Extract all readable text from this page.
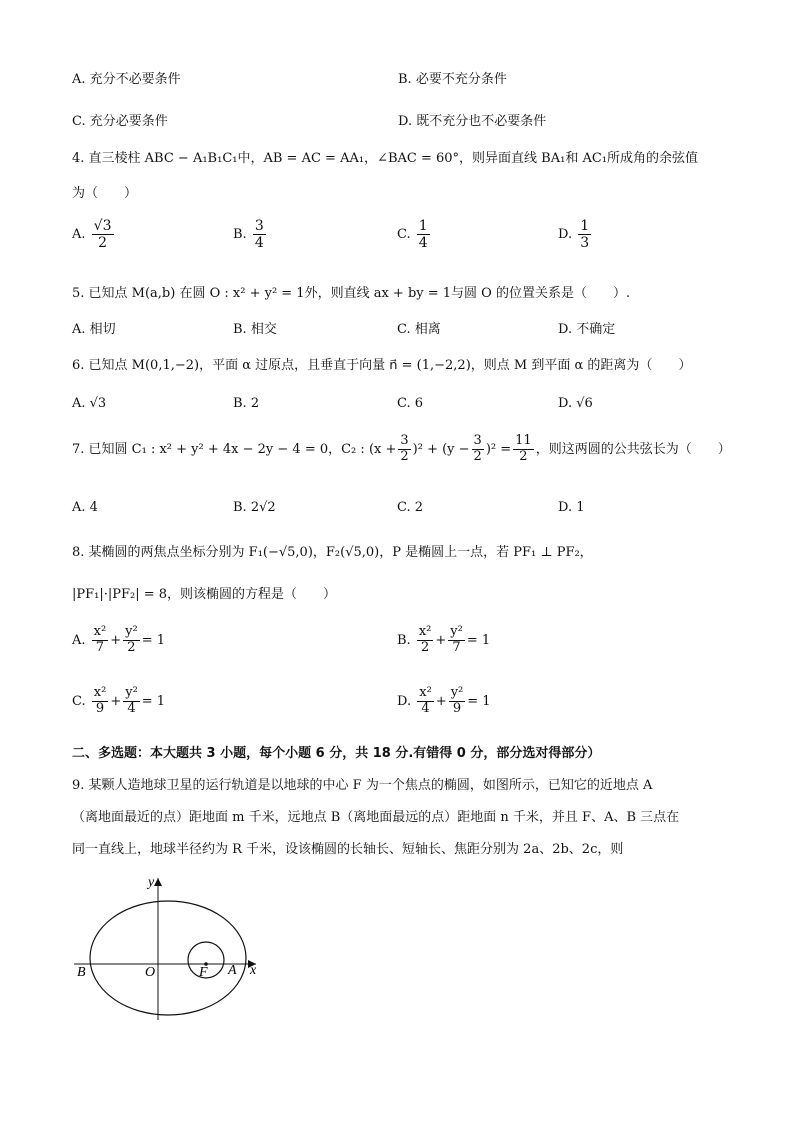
A. 充分不必要条件	B. 必要不充分条件
C. 充分必要条件	D. 既不充分也不必要条件
4. 直三棱柱 ABC − A₁B₁C₁中，AB = AC = AA₁，∠BAC = 60°，则异面直线 BA₁和 AC₁所成角的余弦值
为（　　）
A. $\frac{√3}{2}$	B. $\frac{3}{4}$	C. $\frac{1}{4}$	D. $\frac{1}{3}$
5. 已知点 M(a,b) 在圆 O : x² + y² = 1外，则直线 ax + by = 1与圆 O 的位置关系是（　　）.
A. 相切	B. 相交	C. 相离	D. 不确定
6. 已知点 M(0,1,−2)，平面 α 过原点，且垂直于向量 n⃗ = (1,−2,2)，则点 M 到平面 α 的距离为（　　）
A. √3	B. 2	C. 6	D. √6
7. 已知圆 C₁ : x² + y² + 4x − 2y − 4 = 0，C₂ : $(x + \frac{3}{2} )^2 + (y - \frac{3}{2} )^2 = \frac{11}{2}$ ，则这两圆的公共弦长为（　　）
A. 4	B. 2√2	C. 2	D. 1
8. 某椭圆的两焦点坐标分别为 F₁(−√5,0)，F₂(√5,0)，P 是椭圆上一点，若 PF₁ ⊥ PF₂，
|PF₁|·|PF₂| = 8，则该椭圆的方程是（　　）
A. $\frac{\text{x²}}{7} + \frac{\text{y²}}{2} = 1$	B. $\frac{\text{x²}}{2} + \frac{\text{y²}}{7} = 1$
C. $\frac{\text{x²}}{9} + \frac{\text{y²}}{4} = 1$	D. $\frac{\text{x²}}{4} + \frac{\text{y²}}{9} = 1$
二、多选题：本大题共 3 小题，每个小题 6 分，共 18 分.有错得 0 分，部分选对得部分）
9. 某颗人造地球卫星的运行轨道是以地球的中心 F 为一个焦点的椭圆，如图所示，已知它的近地点 A
（离地面最近的点）距地面 m 千米，远地点 B（离地面最远的点）距地面 n 千米，并且 F、A、B 三点在
同一直线上，地球半径约为 R 千米，设该椭圆的长轴长、短轴长、焦距分别为 2a、2b、2c，则
y
x
B	O	F A
